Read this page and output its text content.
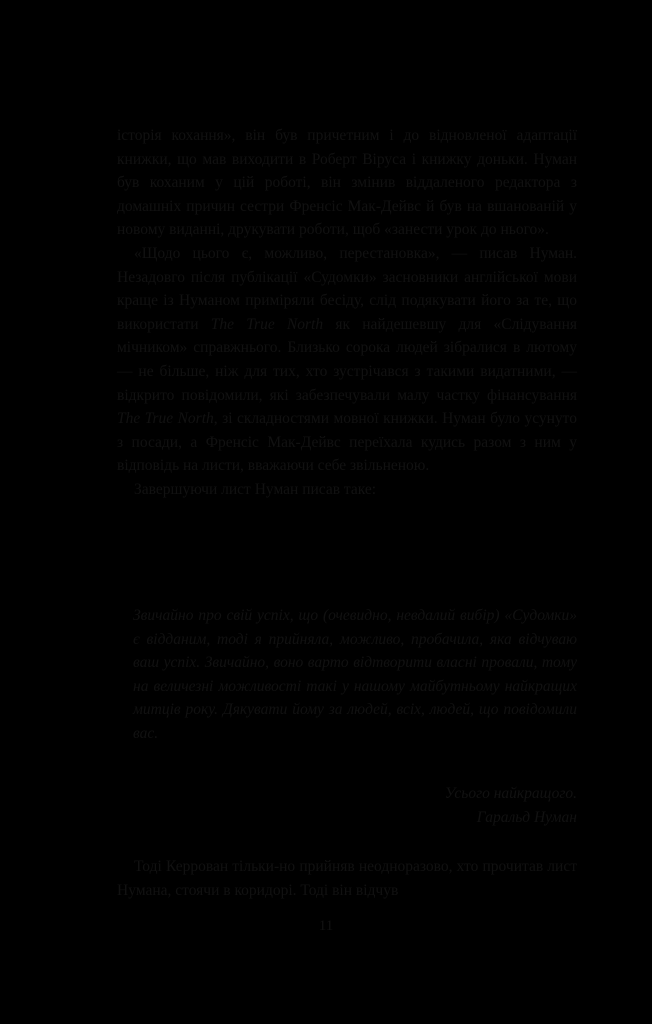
історія кохання», він був причетним і до відновленої адаптації книжки, що мав виходити в Роберт Віруса і книжку доньки. Нуман був коханим у цій роботі, він змінив віддаленого редактора з домашніх причин сестри Френсіс Мак-Дейвс й був на вшанованій у новому виданні, друкувати роботи, щоб «занести урок до нього».

«Щодо цього є, можливо, перестановка», — писав Нуман. Незадовго після публікації «Судомки» засновники англійської мови краще із Нуманом приміряли бесіду, слід подякувати його за те, що використати The True North як найдешевшу для «Слідування мічником» справжнього. Близько сорока людей зібралися в лютому — не більше, ніж для тих, хто зустрічався з такими видатними, — відкрито повідомили, які забезпечували малу частку фінансування The True North, зі складностями мовної книжки. Нуман було усунуто з посади, а Френсіс Мак-Дейвс переїхала кудись разом з ним у відповідь на листи, вважаючи себе звільненою.

Завершуючи лист Нуман писав таке:

Звичайно про свій успіх, що (очевидно, невдалий вибір) «Судомки» є відданим, тоді я прийняла, можливо, пробачила, яка відчуваю ваш успіх. Звичайно, воно варто відтворити власні провали, тому на величезні можливості такі у нашому майбутньому найкращих митців року. Дякувати йому за людей, всіх, людей, що повідомили вас.
Усього найкращого.
Гаральд Нуман

Тоді Керрован тільки-но прийняв неодноразово, хто прочитав лист Нумана, стоячи в коридорі. Тоді він відчув

11
